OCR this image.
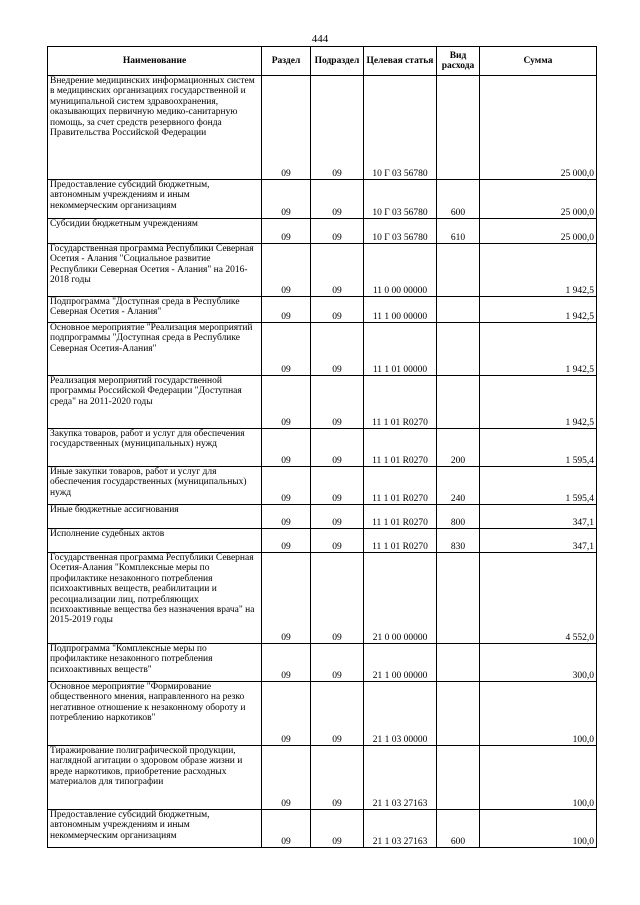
444
Наименование	Раздел	Подраздел	Целевая статья	Вид расхода	Сумма
Внедрение медицинских информационных систем в медицинских организациях государственной и муниципальной систем здравоохранения, оказывающих первичную медико-санитарную помощь, за счет средств резервного фонда Правительства Российской Федерации	09	09	10 Г 03 56780		25 000,0
Предоставление субсидий бюджетным, автономным учреждениям и иным некоммерческим организациям	09	09	10 Г 03 56780	600	25 000,0
Субсидии бюджетным учреждениям	09	09	10 Г 03 56780	610	25 000,0
Государственная программа Республики Северная Осетия - Алания "Социальное развитие Республики Северная Осетия - Алания" на 2016-2018 годы	09	09	11 0 00 00000		1 942,5
Подпрограмма "Доступная среда в Республике Северная Осетия - Алания"	09	09	11 1 00 00000		1 942,5
Основное мероприятие "Реализация мероприятий подпрограммы "Доступная среда в Республике Северная Осетия-Алания"	09	09	11 1 01 00000		1 942,5
Реализация мероприятий государственной программы Российской Федерации "Доступная среда" на 2011-2020 годы	09	09	11 1 01 R0270		1 942,5
Закупка товаров, работ и услуг для обеспечения государственных (муниципальных) нужд	09	09	11 1 01 R0270	200	1 595,4
Иные закупки товаров, работ и услуг для обеспечения государственных (муниципальных) нужд	09	09	11 1 01 R0270	240	1 595,4
Иные бюджетные ассигнования	09	09	11 1 01 R0270	800	347,1
Исполнение судебных актов	09	09	11 1 01 R0270	830	347,1
Государственная программа Республики Северная Осетия-Алания "Комплексные меры по профилактике незаконного потребления психоактивных веществ, реабилитации и ресоциализации лиц, потребляющих психоактивные вещества без назначения врача" на 2015-2019 годы	09	09	21 0 00 00000		4 552,0
Подпрограмма "Комплексные меры по профилактике незаконного потребления психоактивных веществ"	09	09	21 1 00 00000		300,0
Основное мероприятие "Формирование общественного мнения, направленного на резко негативное отношение к незаконному обороту и потреблению наркотиков"	09	09	21 1 03 00000		100,0
Тиражирование полиграфической продукции, наглядной агитации о здоровом образе жизни и вреде наркотиков, приобретение расходных материалов для типографии	09	09	21 1 03 27163		100,0
Предоставление субсидий бюджетным, автономным учреждениям и иным некоммерческим организациям	09	09	21 1 03 27163	600	100,0
